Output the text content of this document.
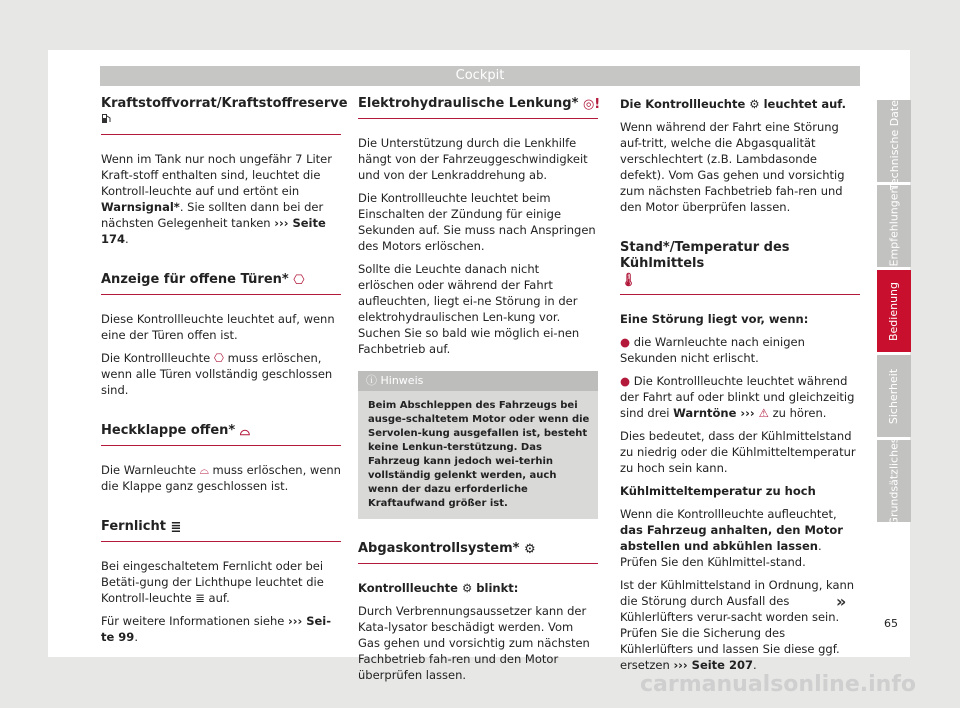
Cockpit
Kraftstoffvorrat/Kraftstoffreserve

Wenn im Tank nur noch ungefähr 7 Liter Kraft-stoff enthalten sind, leuchtet die Kontroll-leuchte auf und ertönt ein Warnsignal*. Sie sollten dann bei der nächsten Gelegenheit tanken ››› Seite 174.

Anzeige für offene Türen* ⎔

Diese Kontrollleuchte leuchtet auf, wenn eine der Türen offen ist.

Die Kontrollleuchte ⎔ muss erlöschen, wenn alle Türen vollständig geschlossen sind.

Heckklappe offen* ⌓

Die Warnleuchte ⌓ muss erlöschen, wenn die Klappe ganz geschlossen ist.

Fernlicht ≣

Bei eingeschaltetem Fernlicht oder bei Betäti-gung der Lichthupe leuchtet die Kontroll-leuchte ≣ auf.

Für weitere Informationen siehe ››› Sei-te 99.

Elektrohydraulische Lenkung* ◎!

Die Unterstützung durch die Lenkhilfe hängt von der Fahrzeuggeschwindigkeit und von der Lenkraddrehung ab.

Die Kontrollleuchte leuchtet beim Einschalten der Zündung für einige Sekunden auf. Sie muss nach Anspringen des Motors erlöschen.

Sollte die Leuchte danach nicht erlöschen oder während der Fahrt aufleuchten, liegt ei-ne Störung in der elektrohydraulischen Len-kung vor. Suchen Sie so bald wie möglich ei-nen Fachbetrieb auf.

ⓘ Hinweis
Beim Abschleppen des Fahrzeugs bei ausge-schaltetem Motor oder wenn die Servolen-kung ausgefallen ist, besteht keine Lenkun-terstützung. Das Fahrzeug kann jedoch wei-terhin vollständig gelenkt werden, auch wenn der dazu erforderliche Kraftaufwand größer ist.
Abgaskontrollsystem* ⚙

Kontrollleuchte ⚙ blinkt:

Durch Verbrennungsaussetzer kann der Kata-lysator beschädigt werden. Vom Gas gehen und vorsichtig zum nächsten Fachbetrieb fah-ren und den Motor überprüfen lassen.

Die Kontrollleuchte ⚙ leuchtet auf.

Wenn während der Fahrt eine Störung auf-tritt, welche die Abgasqualität verschlechtert (z.B. Lambdasonde defekt). Vom Gas gehen und vorsichtig zum nächsten Fachbetrieb fah-ren und den Motor überprüfen lassen.

Stand*/Temperatur des Kühlmittels
🌡︎

Eine Störung liegt vor, wenn:

● die Warnleuchte nach einigen Sekunden nicht erlischt.

● Die Kontrollleuchte leuchtet während der Fahrt auf oder blinkt und gleichzeitig sind drei Warntöne ››› ⚠ zu hören.

Dies bedeutet, dass der Kühlmittelstand zu niedrig oder die Kühlmitteltemperatur zu hoch sein kann.

Kühlmitteltemperatur zu hoch

Wenn die Kontrollleuchte aufleuchtet, das Fahrzeug anhalten, den Motor abstellen und abkühlen lassen. Prüfen Sie den Kühlmittel-stand.

Ist der Kühlmittelstand in Ordnung, kann die Störung durch Ausfall des Kühlerlüfters verur-sacht worden sein. Prüfen Sie die Sicherung des Kühlerlüfters und lassen Sie diese ggf. ersetzen ››› Seite 207.

»
Technische Daten
Empfehlungen
Bedienung
Sicherheit
Grundsätzliches
65
carmanualsonline.info
